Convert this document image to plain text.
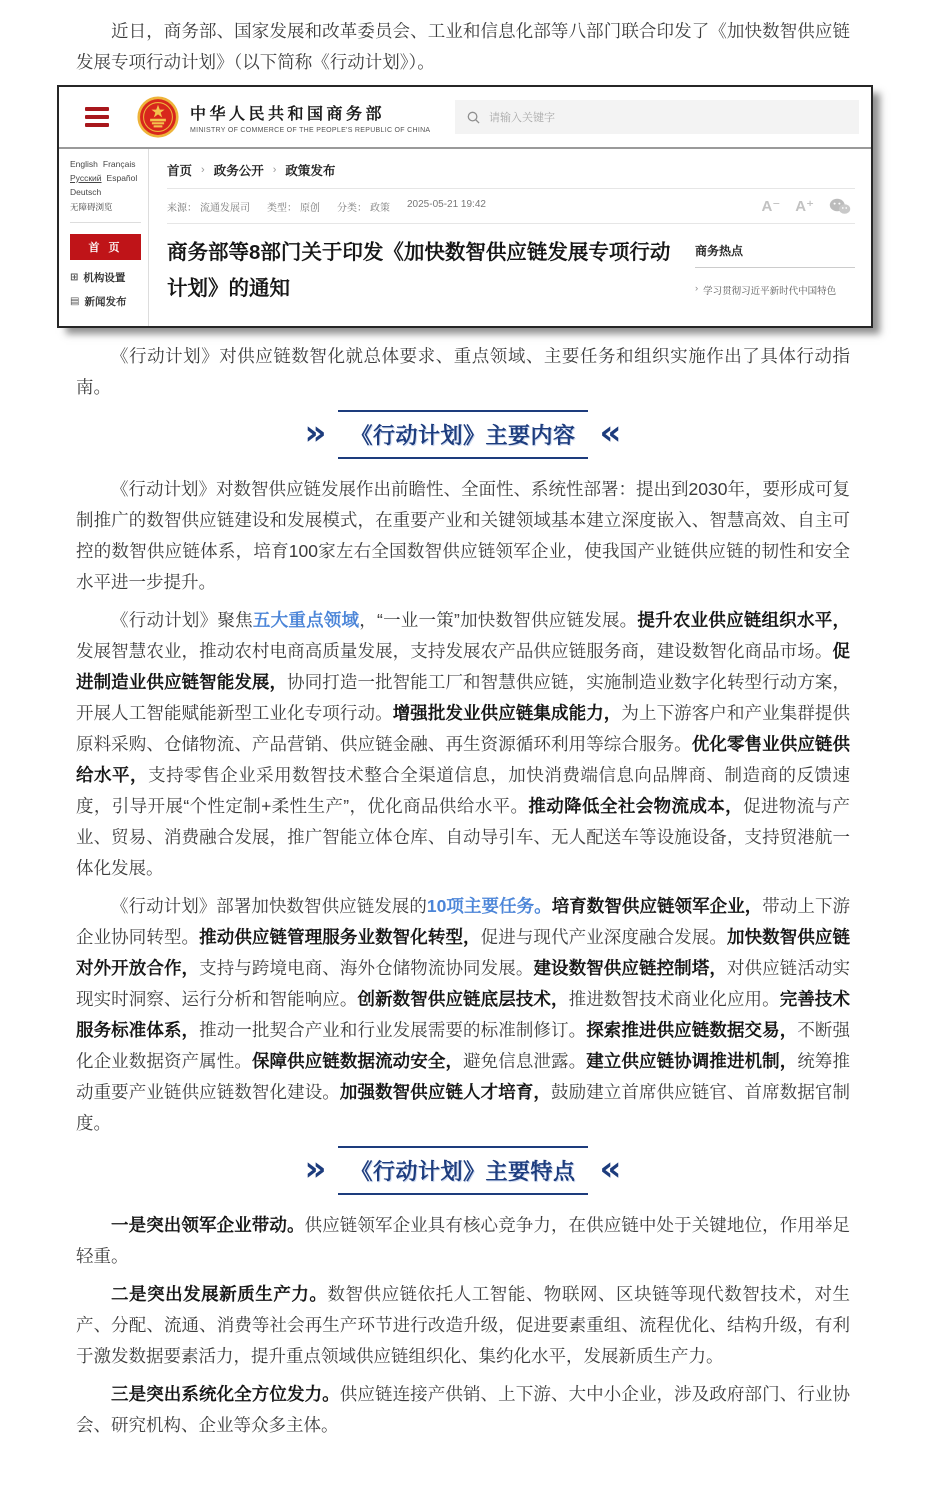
近日，商务部、国家发展和改革委员会、工业和信息化部等八部门联合印发了《加快数智供应链发展专项行动计划》（以下简称《行动计划》）。

中华人民共和国商务部
MINISTRY OF COMMERCE OF THE PEOPLE'S REPUBLIC OF CHINA
请输入关键字
English Français
Русский Español
Deutsch
无障碍浏览
首 页
⊞ 机构设置
▤ 新闻发布
首页 › 政务公开 › 政策发布
来源： 流通发展司 类型： 原创 分类： 政策 2025-05-21 19:42	A⁻ A⁺
商务部等8部门关于印发《加快数智供应链发展专项行动计划》的通知
商务热点
› 学习贯彻习近平新时代中国特色

《行动计划》对供应链数智化就总体要求、重点领域、主要任务和组织实施作出了具体行动指南。

»	《行动计划》主要内容 «

《行动计划》对数智供应链发展作出前瞻性、全面性、系统性部署：提出到2030年，要形成可复制推广的数智供应链建设和发展模式，在重要产业和关键领域基本建立深度嵌入、智慧高效、自主可控的数智供应链体系，培育100家左右全国数智供应链领军企业，使我国产业链供应链的韧性和安全水平进一步提升。

《行动计划》聚焦五大重点领域，“一业一策”加快数智供应链发展。提升农业供应链组织水平，发展智慧农业，推动农村电商高质量发展，支持发展农产品供应链服务商，建设数智化商品市场。促进制造业供应链智能发展，协同打造一批智能工厂和智慧供应链，实施制造业数字化转型行动方案，开展人工智能赋能新型工业化专项行动。增强批发业供应链集成能力，为上下游客户和产业集群提供原料采购、仓储物流、产品营销、供应链金融、再生资源循环利用等综合服务。优化零售业供应链供给水平，支持零售企业采用数智技术整合全渠道信息，加快消费端信息向品牌商、制造商的反馈速度，引导开展“个性定制+柔性生产”，优化商品供给水平。推动降低全社会物流成本，促进物流与产业、贸易、消费融合发展，推广智能立体仓库、自动导引车、无人配送车等设施设备，支持贸港航一体化发展。

《行动计划》部署加快数智供应链发展的10项主要任务。培育数智供应链领军企业，带动上下游企业协同转型。推动供应链管理服务业数智化转型，促进与现代产业深度融合发展。加快数智供应链对外开放合作，支持与跨境电商、海外仓储物流协同发展。建设数智供应链控制塔，对供应链活动实现实时洞察、运行分析和智能响应。创新数智供应链底层技术，推进数智技术商业化应用。完善技术服务标准体系，推动一批契合产业和行业发展需要的标准制修订。探索推进供应链数据交易，不断强化企业数据资产属性。保障供应链数据流动安全，避免信息泄露。建立供应链协调推进机制，统筹推动重要产业链供应链数智化建设。加强数智供应链人才培育，鼓励建立首席供应链官、首席数据官制度。

»	《行动计划》主要特点 «

一是突出领军企业带动。供应链领军企业具有核心竞争力，在供应链中处于关键地位，作用举足轻重。

二是突出发展新质生产力。数智供应链依托人工智能、物联网、区块链等现代数智技术，对生产、分配、流通、消费等社会再生产环节进行改造升级，促进要素重组、流程优化、结构升级，有利于激发数据要素活力，提升重点领域供应链组织化、集约化水平，发展新质生产力。

三是突出系统化全方位发力。供应链连接产供销、上下游、大中小企业，涉及政府部门、行业协会、研究机构、企业等众多主体。
